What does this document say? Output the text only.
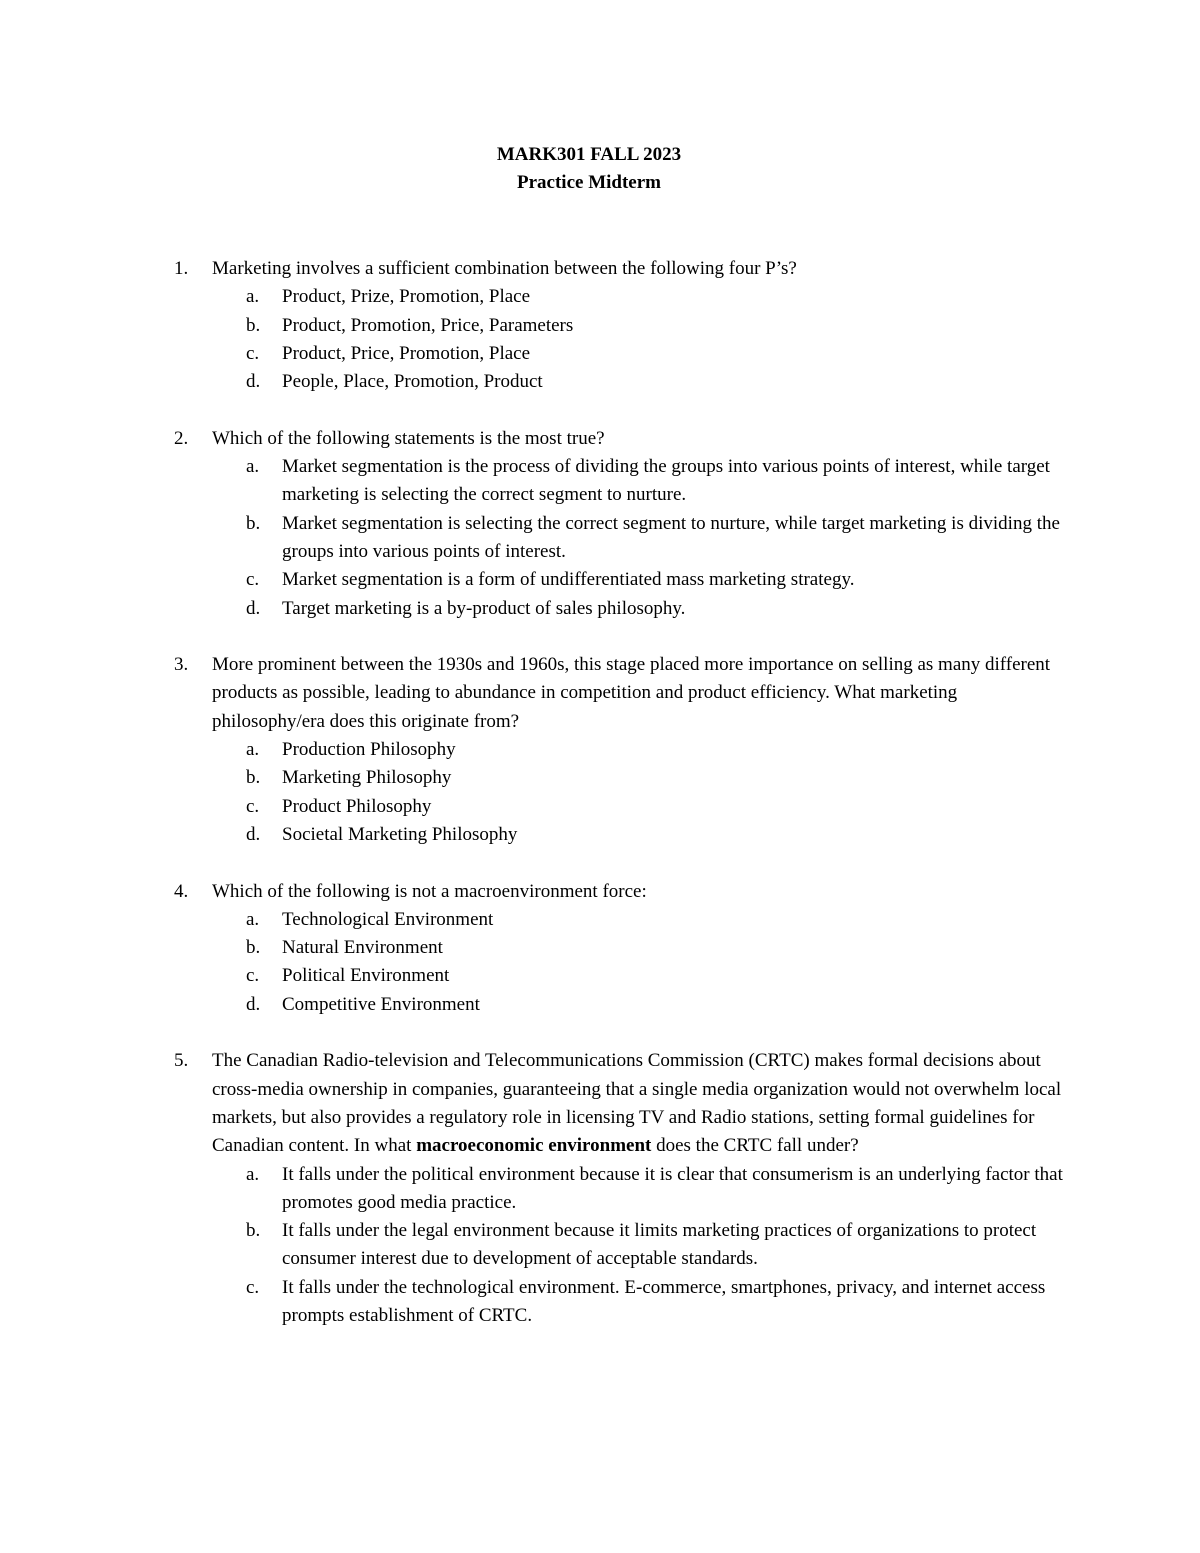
MARK301 FALL 2023
Practice Midterm
1. Marketing involves a sufficient combination between the following four P’s?
a. Product, Prize, Promotion, Place
b. Product, Promotion, Price, Parameters
c. Product, Price, Promotion, Place
d. People, Place, Promotion, Product
2. Which of the following statements is the most true?
a. Market segmentation is the process of dividing the groups into various points of interest, while target marketing is selecting the correct segment to nurture.
b. Market segmentation is selecting the correct segment to nurture, while target marketing is dividing the groups into various points of interest.
c. Market segmentation is a form of undifferentiated mass marketing strategy.
d. Target marketing is a by-product of sales philosophy.
3. More prominent between the 1930s and 1960s, this stage placed more importance on selling as many different products as possible, leading to abundance in competition and product efficiency. What marketing philosophy/era does this originate from?
a. Production Philosophy
b. Marketing Philosophy
c. Product Philosophy
d. Societal Marketing Philosophy
4. Which of the following is not a macroenvironment force:
a. Technological Environment
b. Natural Environment
c. Political Environment
d. Competitive Environment
5. The Canadian Radio-television and Telecommunications Commission (CRTC) makes formal decisions about cross-media ownership in companies, guaranteeing that a single media organization would not overwhelm local markets, but also provides a regulatory role in licensing TV and Radio stations, setting formal guidelines for Canadian content. In what macroeconomic environment does the CRTC fall under?
a. It falls under the political environment because it is clear that consumerism is an underlying factor that promotes good media practice.
b. It falls under the legal environment because it limits marketing practices of organizations to protect consumer interest due to development of acceptable standards.
c. It falls under the technological environment. E-commerce, smartphones, privacy, and internet access prompts establishment of CRTC.
